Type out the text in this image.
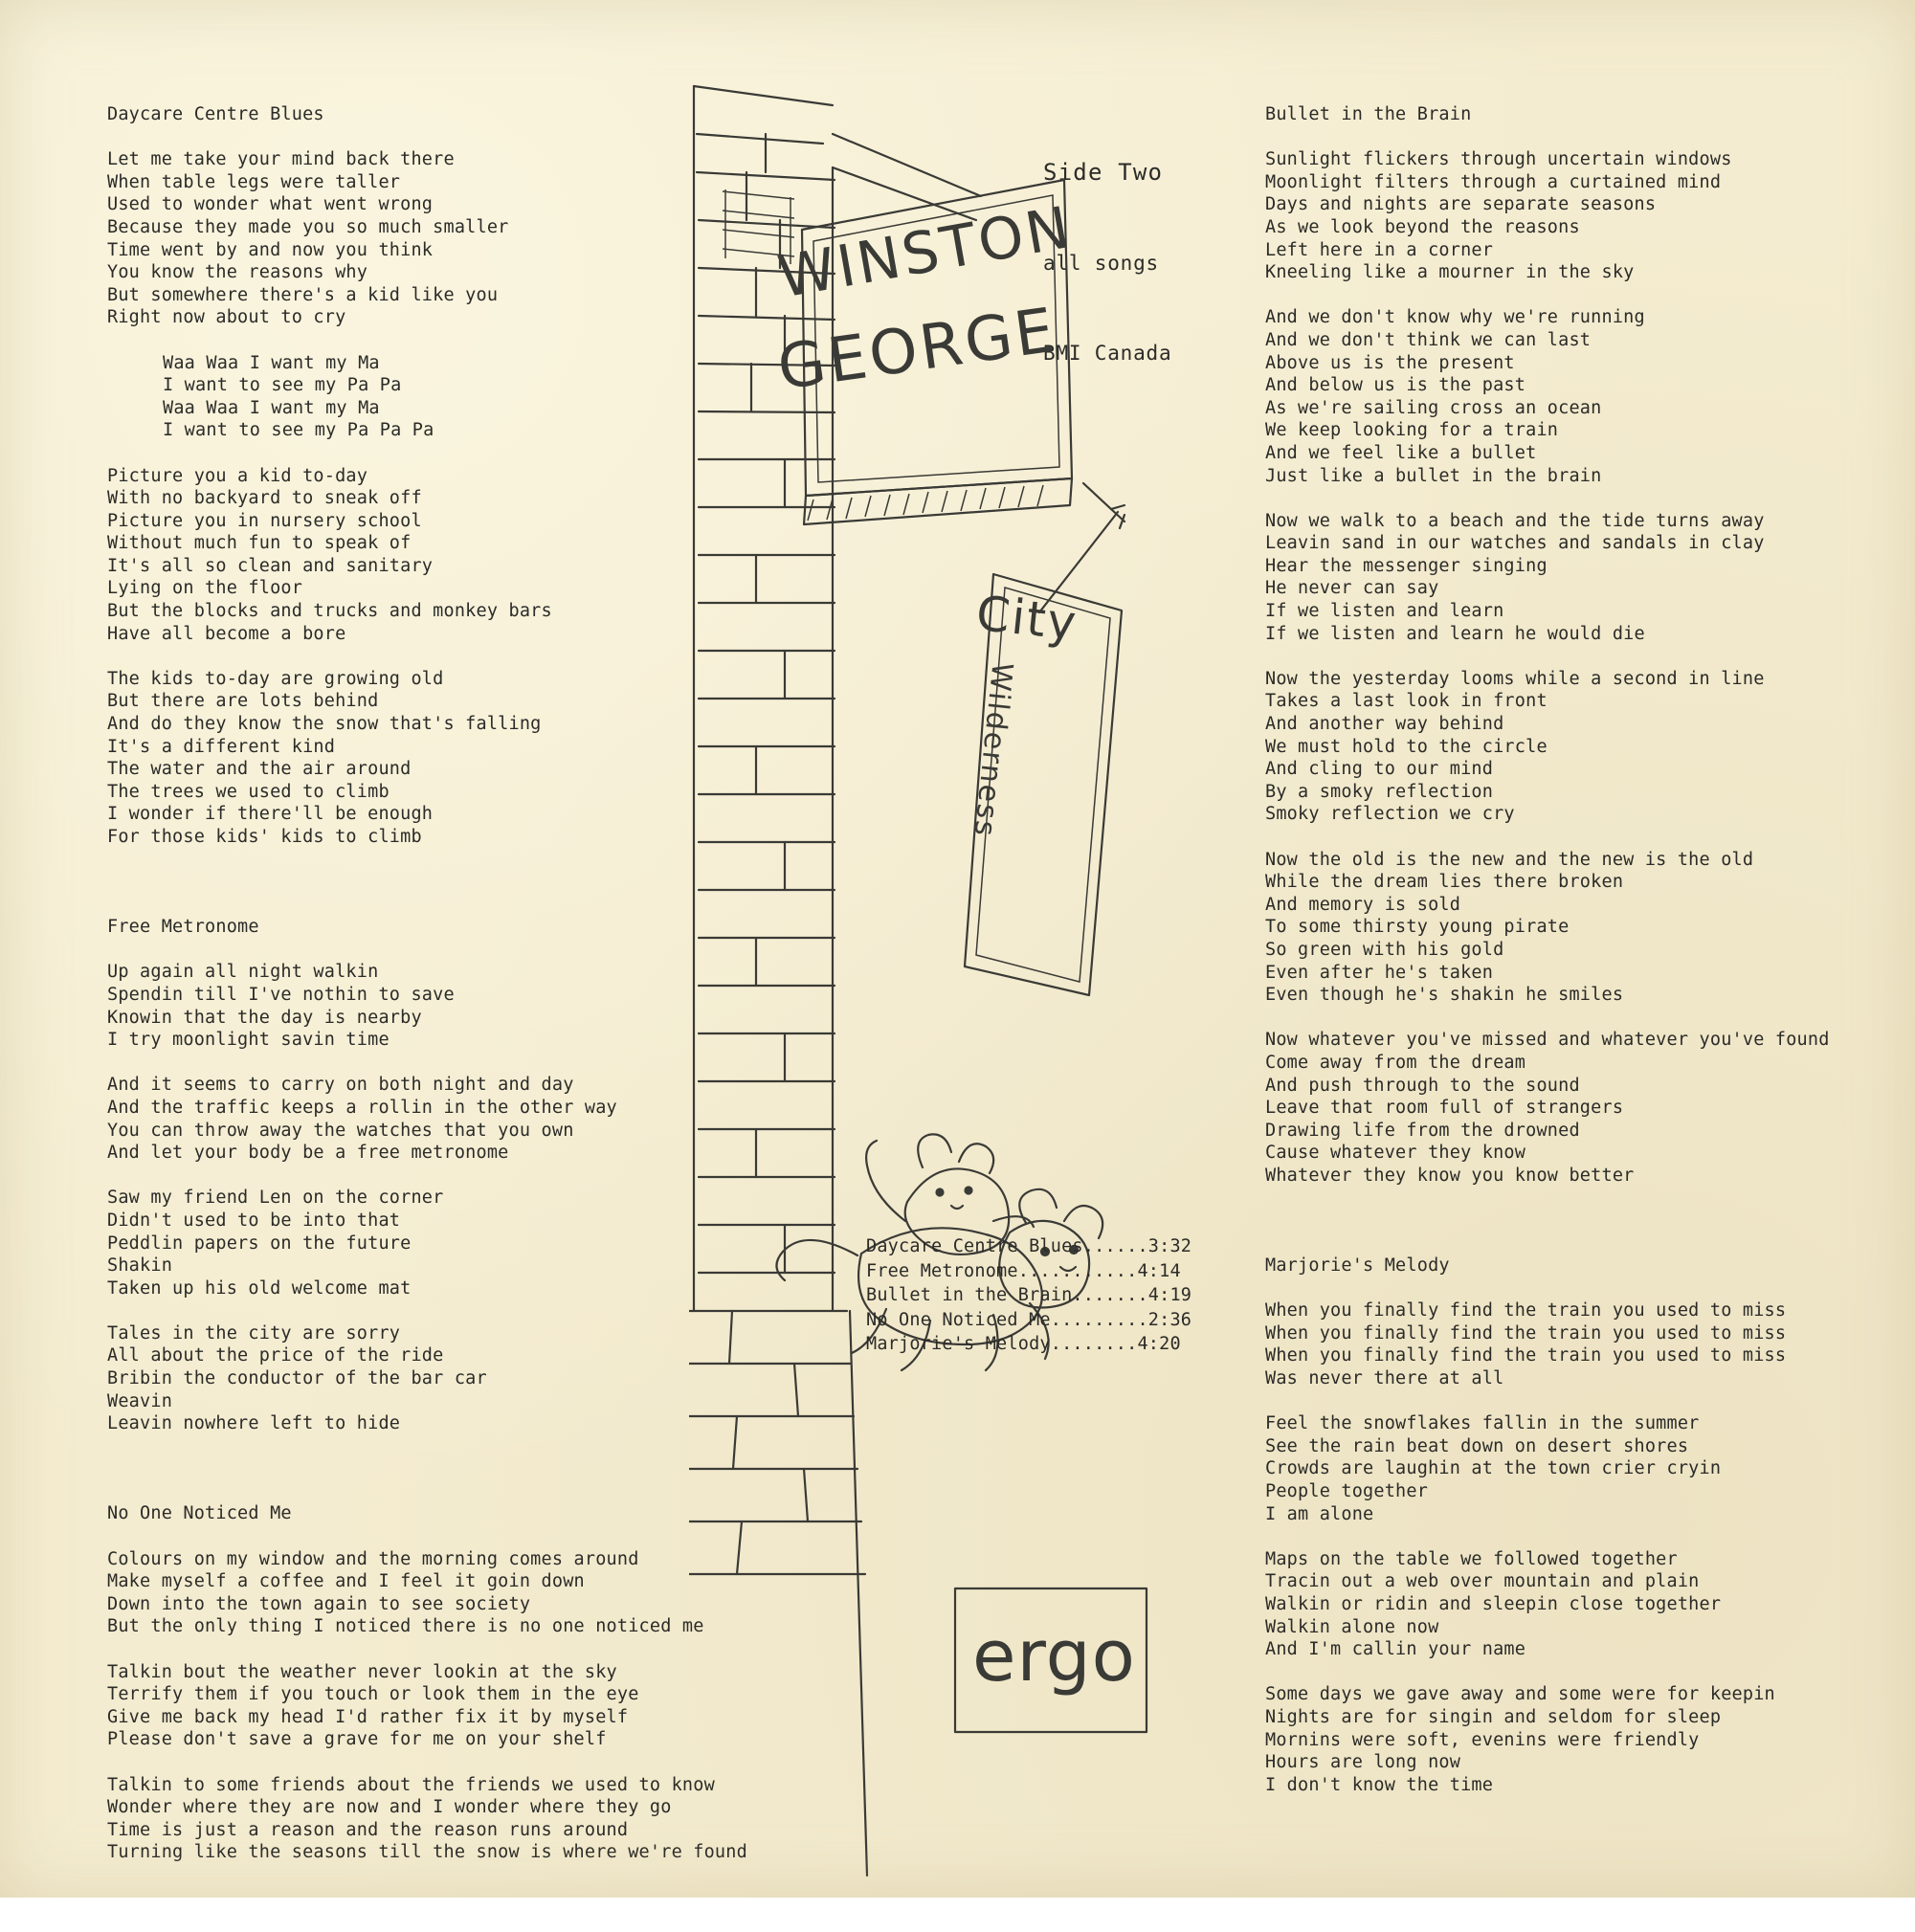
Daycare Centre Blues
Let me take your mind back there
When table legs were taller
Used to wonder what went wrong
Because they made you so much smaller
Time went by and now you think
You know the reasons why
But somewhere there's a kid like you
Right now about to cry
Waa Waa I want my Ma
I want to see my Pa Pa
Waa Waa I want my Ma
I want to see my Pa Pa Pa
Picture you a kid to-day
With no backyard to sneak off
Picture you in nursery school
Without much fun to speak of
It's all so clean and sanitary
Lying on the floor
But the blocks and trucks and monkey bars
Have all become a bore
The kids to-day are growing old
But there are lots behind
And do they know the snow that's falling
It's a different kind
The water and the air around
The trees we used to climb
I wonder if there'll be enough
For those kids' kids to climb
Free Metronome
Up again all night walkin
Spendin till I've nothin to save
Knowin that the day is nearby
I try moonlight savin time
And it seems to carry on both night and day
And the traffic keeps a rollin in the other way
You can throw away the watches that you own
And let your body be a free metronome
Saw my friend Len on the corner
Didn't used to be into that
Peddlin papers on the future
Shakin
Taken up his old welcome mat
Tales in the city are sorry
All about the price of the ride
Bribin the conductor of the bar car
Weavin
Leavin nowhere left to hide
No One Noticed Me
Colours on my window and the morning comes around
Make myself a coffee and I feel it goin down
Down into the town again to see society
But the only thing I noticed there is no one noticed me
Talkin bout the weather never lookin at the sky
Terrify them if you touch or look them in the eye
Give me back my head I'd rather fix it by myself
Please don't save a grave for me on your shelf
Talkin to some friends about the friends we used to know
Wonder where they are now and I wonder where they go
Time is just a reason and the reason runs around
Turning like the seasons till the snow is where we're found

Side Two

all songs

BMI Canada

WINSTON
GEORGE
City
Wilderness
ergo
Daycare Centre Blues......3:32
Free Metronome...........4:14
Bullet in the Brain.......4:19
No One Noticed Me.........2:36
Marjorie's Melody........4:20
Bullet in the Brain
Sunlight flickers through uncertain windows
Moonlight filters through a curtained mind
Days and nights are separate seasons
As we look beyond the reasons
Left here in a corner
Kneeling like a mourner in the sky
And we don't know why we're running
And we don't think we can last
Above us is the present
And below us is the past
As we're sailing cross an ocean
We keep looking for a train
And we feel like a bullet
Just like a bullet in the brain
Now we walk to a beach and the tide turns away
Leavin sand in our watches and sandals in clay
Hear the messenger singing
He never can say
If we listen and learn
If we listen and learn he would die
Now the yesterday looms while a second in line
Takes a last look in front
And another way behind
We must hold to the circle
And cling to our mind
By a smoky reflection
Smoky reflection we cry
Now the old is the new and the new is the old
While the dream lies there broken
And memory is sold
To some thirsty young pirate
So green with his gold
Even after he's taken
Even though he's shakin he smiles
Now whatever you've missed and whatever you've found
Come away from the dream
And push through to the sound
Leave that room full of strangers
Drawing life from the drowned
Cause whatever they know
Whatever they know you know better
Marjorie's Melody
When you finally find the train you used to miss
When you finally find the train you used to miss
When you finally find the train you used to miss
Was never there at all
Feel the snowflakes fallin in the summer
See the rain beat down on desert shores
Crowds are laughin at the town crier cryin
People together
I am alone
Maps on the table we followed together
Tracin out a web over mountain and plain
Walkin or ridin and sleepin close together
Walkin alone now
And I'm callin your name
Some days we gave away and some were for keepin
Nights are for singin and seldom for sleep
Mornins were soft, evenins were friendly
Hours are long now
I don't know the time
